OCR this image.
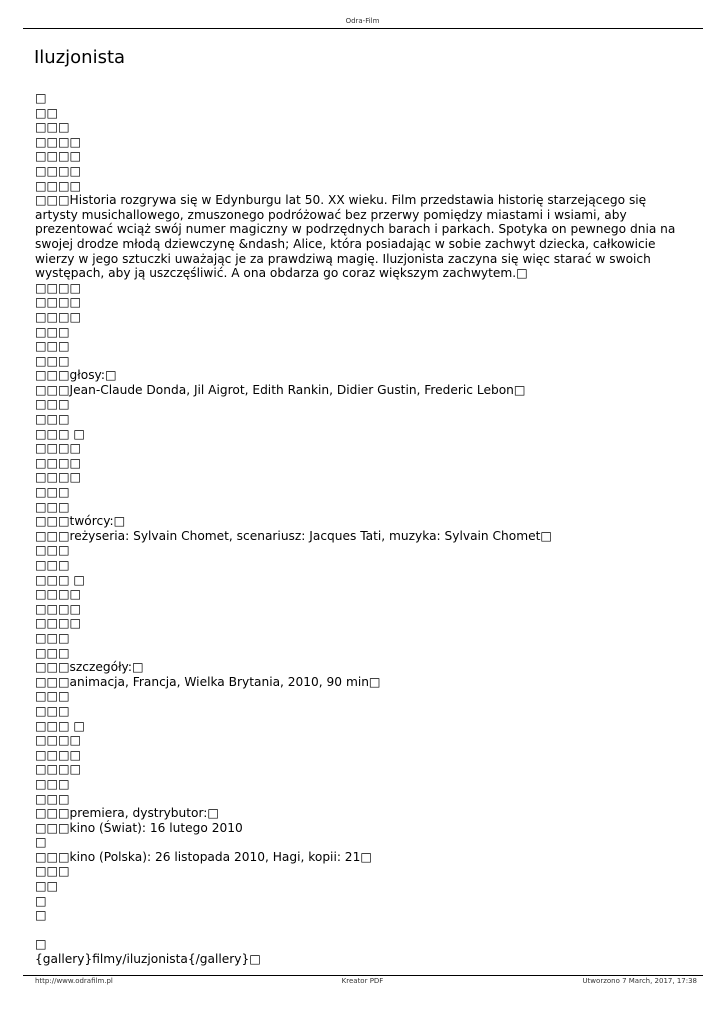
Odra-Film
Iluzjonista
□
□□
□□□
□□□□
□□□□
□□□□
□□□□
□□□Historia rozgrywa się w Edynburgu lat 50. XX wieku. Film przedstawia historię starzejącego się artysty musichallowego, zmuszonego podróżować bez przerwy pomiędzy miastami i wsiami, aby prezentować wciąż swój numer magiczny w podrzędnych barach i parkach. Spotyka on pewnego dnia na swojej drodze młodą dziewczynę &ndash; Alice, która posiadając w sobie zachwyt dziecka, całkowicie wierzy w jego sztuczki uważając je za prawdziwą magię. Iluzjonista zaczyna się więc starać w swoich występach, aby ją uszczęśliwić. A ona obdarza go coraz większym zachwytem.□
□□□□
□□□□
□□□□
□□□
□□□
□□□
□□□głosy:□
□□□Jean-Claude Donda, Jil Aigrot, Edith Rankin, Didier Gustin, Frederic Lebon□
□□□
□□□
□□□ □
□□□□
□□□□
□□□□
□□□
□□□
□□□twórcy:□
□□□reżyseria: Sylvain Chomet, scenariusz: Jacques Tati, muzyka: Sylvain Chomet□
□□□
□□□
□□□ □
□□□□
□□□□
□□□□
□□□
□□□
□□□szczegóły:□
□□□animacja, Francja, Wielka Brytania, 2010, 90 min□
□□□
□□□
□□□ □
□□□□
□□□□
□□□□
□□□
□□□
□□□premiera, dystrybutor:□
□□□kino (Świat): 16 lutego 2010
□
□□□kino (Polska): 26 listopada 2010, Hagi, kopii: 21□
□□□
□□
□
□
□
{gallery}filmy/iluzjonista{/gallery}□
http://www.odrafilm.pl	Kreator PDF	Utworzono 7 March, 2017, 17:38
